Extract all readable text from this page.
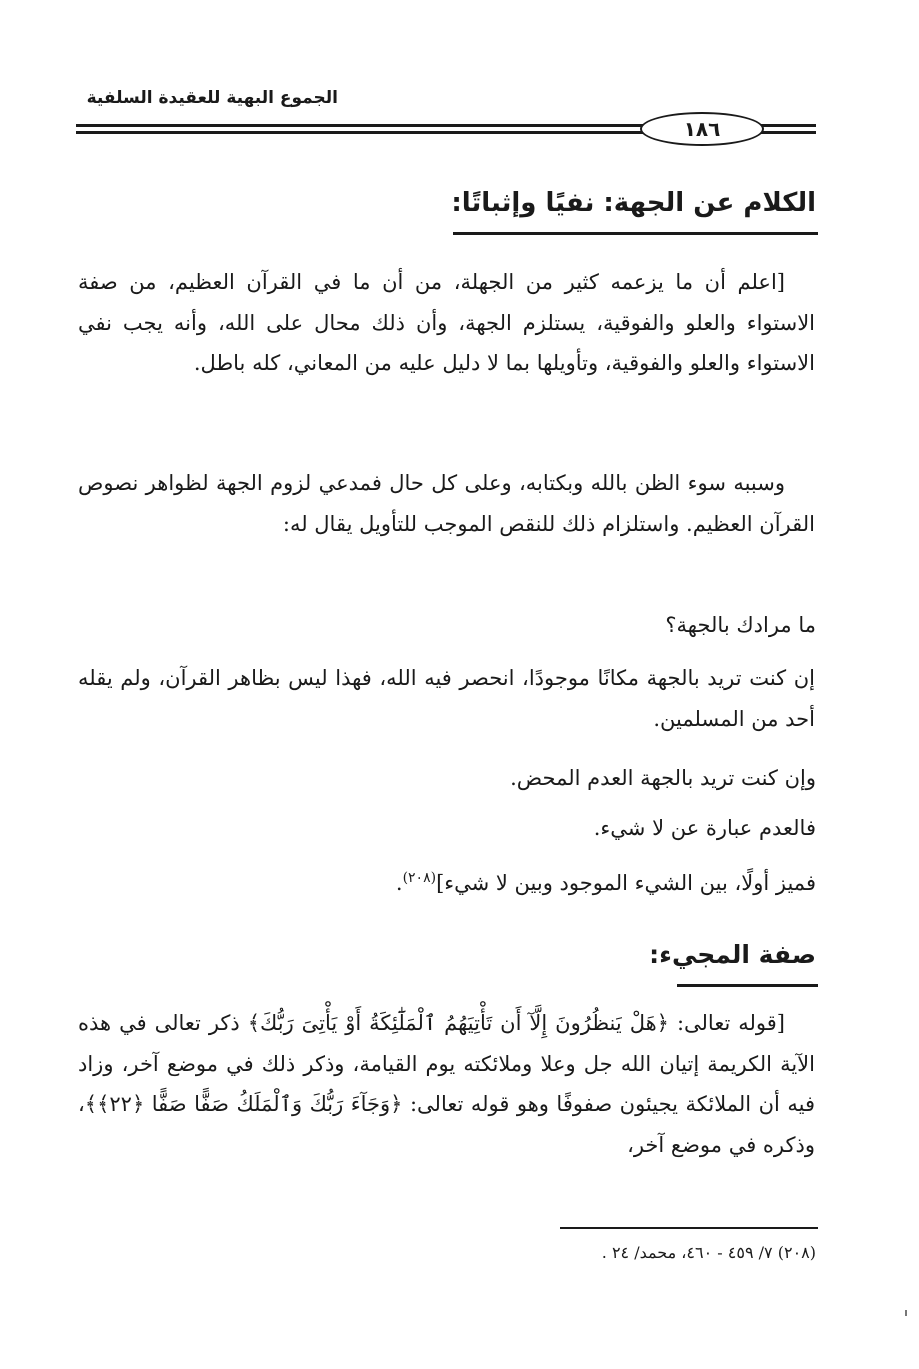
الجموع البهية للعقيدة السلفية
١٨٦
الكلام عن الجهة: نفيًا وإثباتًا:
[اعلم أن ما يزعمه كثير من الجهلة، من أن ما في القرآن العظيم، من صفة الاستواء والعلو والفوقية، يستلزم الجهة، وأن ذلك محال على الله، وأنه يجب نفي الاستواء والعلو والفوقية، وتأويلها بما لا دليل عليه من المعاني، كله باطل.
وسببه سوء الظن بالله وبكتابه، وعلى كل حال فمدعي لزوم الجهة لظواهر نصوص القرآن العظيم. واستلزام ذلك للنقص الموجب للتأويل يقال له:
ما مرادك بالجهة؟
إن كنت تريد بالجهة مكانًا موجودًا، انحصر فيه الله، فهذا ليس بظاهر القرآن، ولم يقله أحد من المسلمين.
وإن كنت تريد بالجهة العدم المحض.
فالعدم عبارة عن لا شيء.
فميز أولًا، بين الشيء الموجود وبين لا شيء]$^{(٢٠٨)}$.
صفة المجيء:
[قوله تعالى: ﴿هَلْ يَنظُرُونَ إِلَّآ أَن تَأْتِيَهُمُ ٱلْمَلَٰٓئِكَةُ أَوْ يَأْتِىَ رَبُّكَ﴾ ذكر تعالى في هذه الآية الكريمة إتيان الله جل وعلا وملائكته يوم القيامة، وذكر ذلك في موضع آخر، وزاد فيه أن الملائكة يجيئون صفوفًا وهو قوله تعالى: ﴿وَجَآءَ رَبُّكَ وَٱلْمَلَكُ صَفًّا صَفًّا ﴿٢٢﴾﴾، وذكره في موضع آخر،
(٢٠٨) ٧/ ٤٥٩ - ٤٦٠، محمد/ ٢٤ .
